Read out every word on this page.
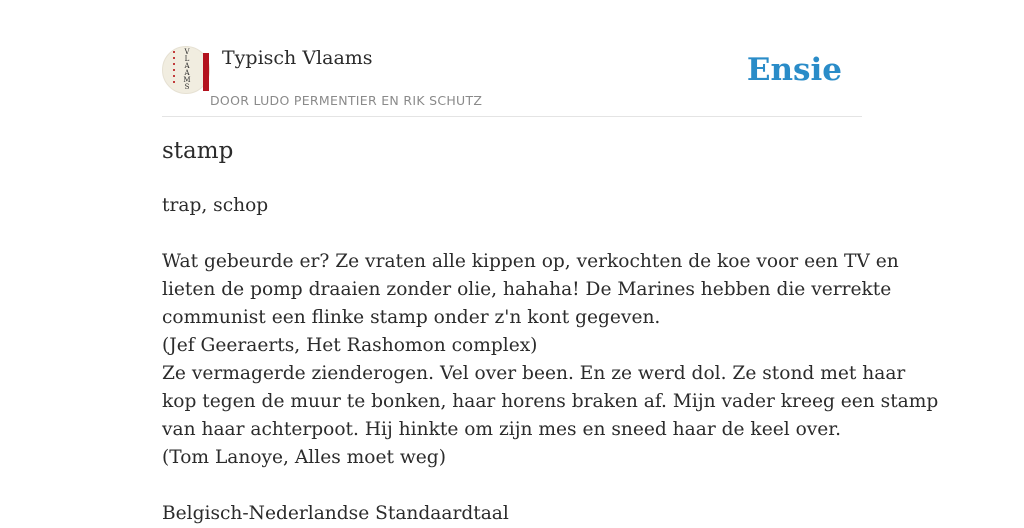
V
L
A
A
M
S
Typisch Vlaams
DOOR LUDO PERMENTIER EN RIK SCHUTZ
Ensie
stamp
trap, schop
Wat gebeurde er? Ze vraten alle kippen op, verkochten de koe voor een TV en
lieten de pomp draaien zonder olie, hahaha! De Marines hebben die verrekte
communist een flinke stamp onder z'n kont gegeven.
(Jef Geeraerts, Het Rashomon complex)
Ze vermagerde zienderogen. Vel over been. En ze werd dol. Ze stond met haar
kop tegen de muur te bonken, haar horens braken af. Mijn vader kreeg een stamp
van haar achterpoot. Hij hinkte om zijn mes en sneed haar de keel over.
(Tom Lanoye, Alles moet weg)
Belgisch-Nederlandse Standaardtaal
